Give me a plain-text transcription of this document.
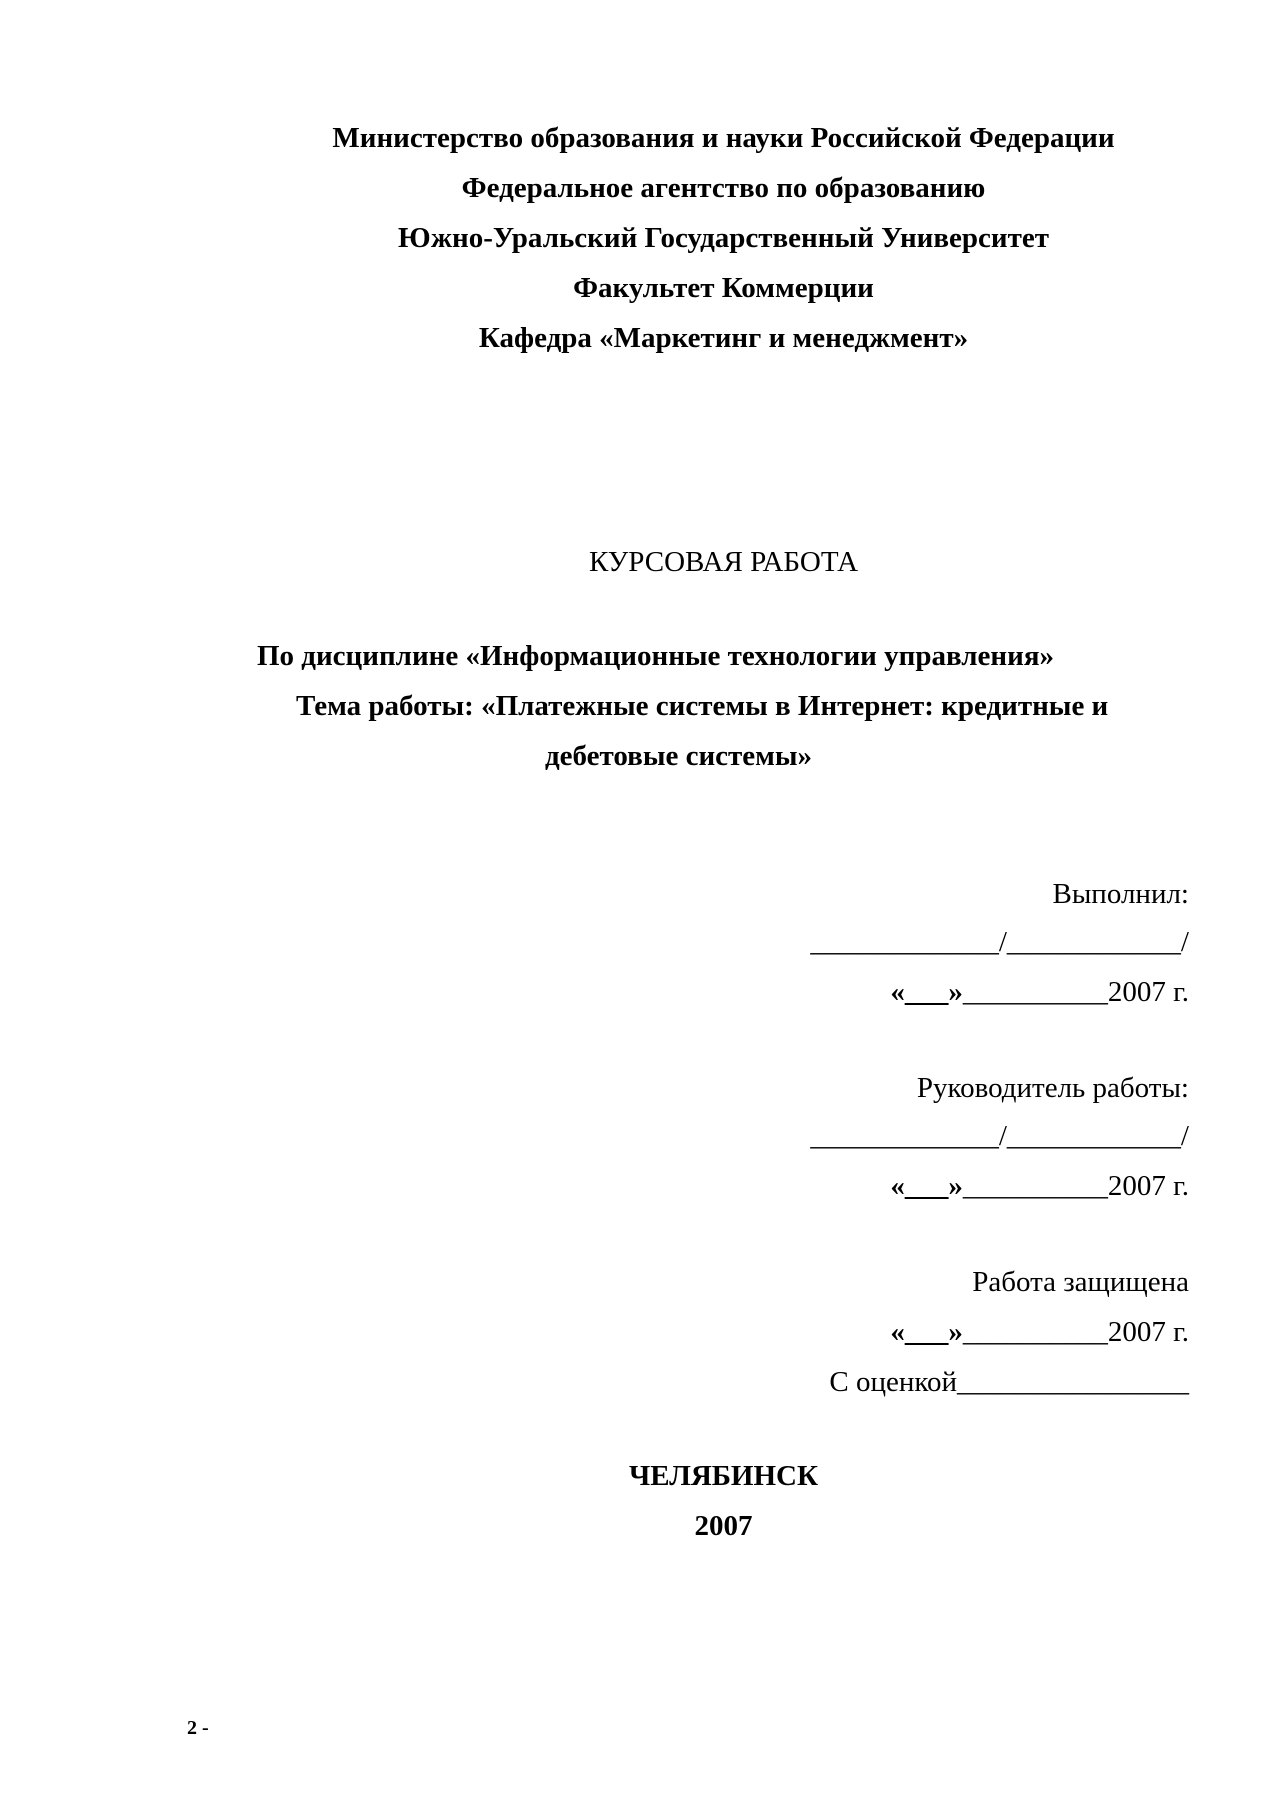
Министерство образования и науки Российской Федерации
Федеральное агентство по образованию
Южно-Уральский Государственный Университет
Факультет Коммерции
Кафедра «Маркетинг и менеджмент»
КУРСОВАЯ РАБОТА
По дисциплине «Информационные технологии управления»
Тема работы: «Платежные системы в Интернет: кредитные и
дебетовые системы»
Выполнил:
_____________/____________/
«___»__________2007 г.
Руководитель работы:
_____________/____________/
«___»__________2007 г.
Работа защищена
«___»__________2007 г.
С оценкой________________
ЧЕЛЯБИНСК
2007
2 -
